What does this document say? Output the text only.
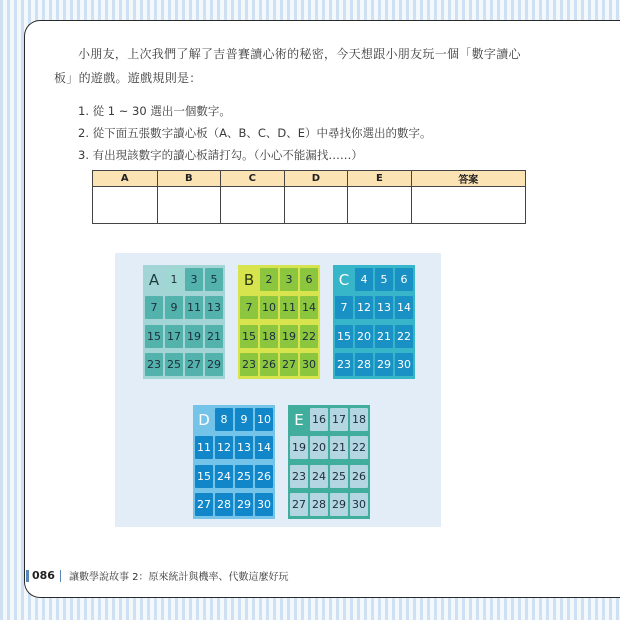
小朋友，上次我們了解了吉普賽讀心術的秘密，今天想跟小朋友玩一個「數字讀心板」的遊戲。遊戲規則是：

1. 從 1 ~ 30 選出一個數字。
2. 從下面五張數字讀心板（A、B、C、D、E）中尋找你選出的數字。
3. 有出現該數字的讀心板請打勾。（小心不能漏找……）
A	B	C	D	E	答案

A	1	3	5
7	9 11 13
15 17 19 21
23 25 27 29
B	2	3	6
7 10 11 14
15 18 19 22
23 26 27 30
C	4	5	6
7 12 13 14
15 20 21 22
23 28 29 30
D 8	9 10
11 12 13 14
15 24 25 26
27 28 29 30
E 16 17 18
19 20 21 22
23 24 25 26
27 28 29 30
086 讓數學說故事 2：原來統計與機率、代數這麼好玩
